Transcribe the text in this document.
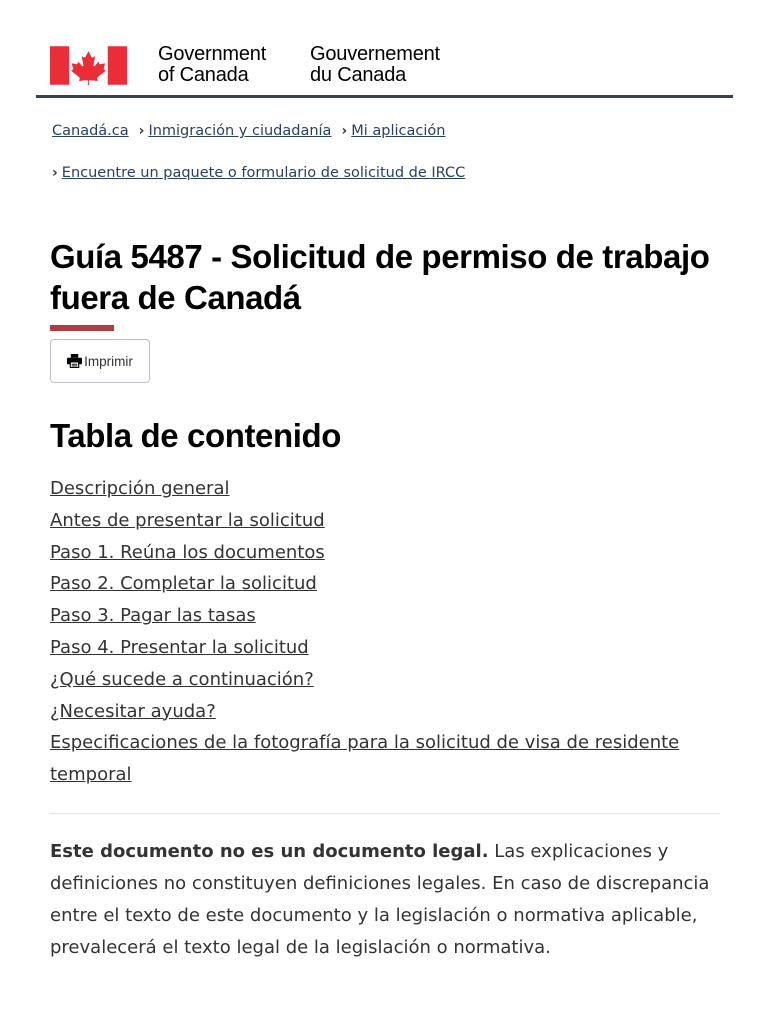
Government
of Canada
Gouvernement
du Canada
Canadá.ca › Inmigración y ciudadanía › Mi aplicación
› Encuentre un paquete o formulario de solicitud de IRCC
Guía 5487 - Solicitud de permiso de trabajo fuera de Canadá
Imprimir
Tabla de contenido
Descripción general
Antes de presentar la solicitud
Paso 1. Reúna los documentos
Paso 2. Completar la solicitud
Paso 3. Pagar las tasas
Paso 4. Presentar la solicitud
¿Qué sucede a continuación?
¿Necesitar ayuda?
Especificaciones de la fotografía para la solicitud de visa de residente temporal

Este documento no es un documento legal. Las explicaciones y definiciones no constituyen definiciones legales. En caso de discrepancia entre el texto de este documento y la legislación o normativa aplicable, prevalecerá el texto legal de la legislación o normativa.
